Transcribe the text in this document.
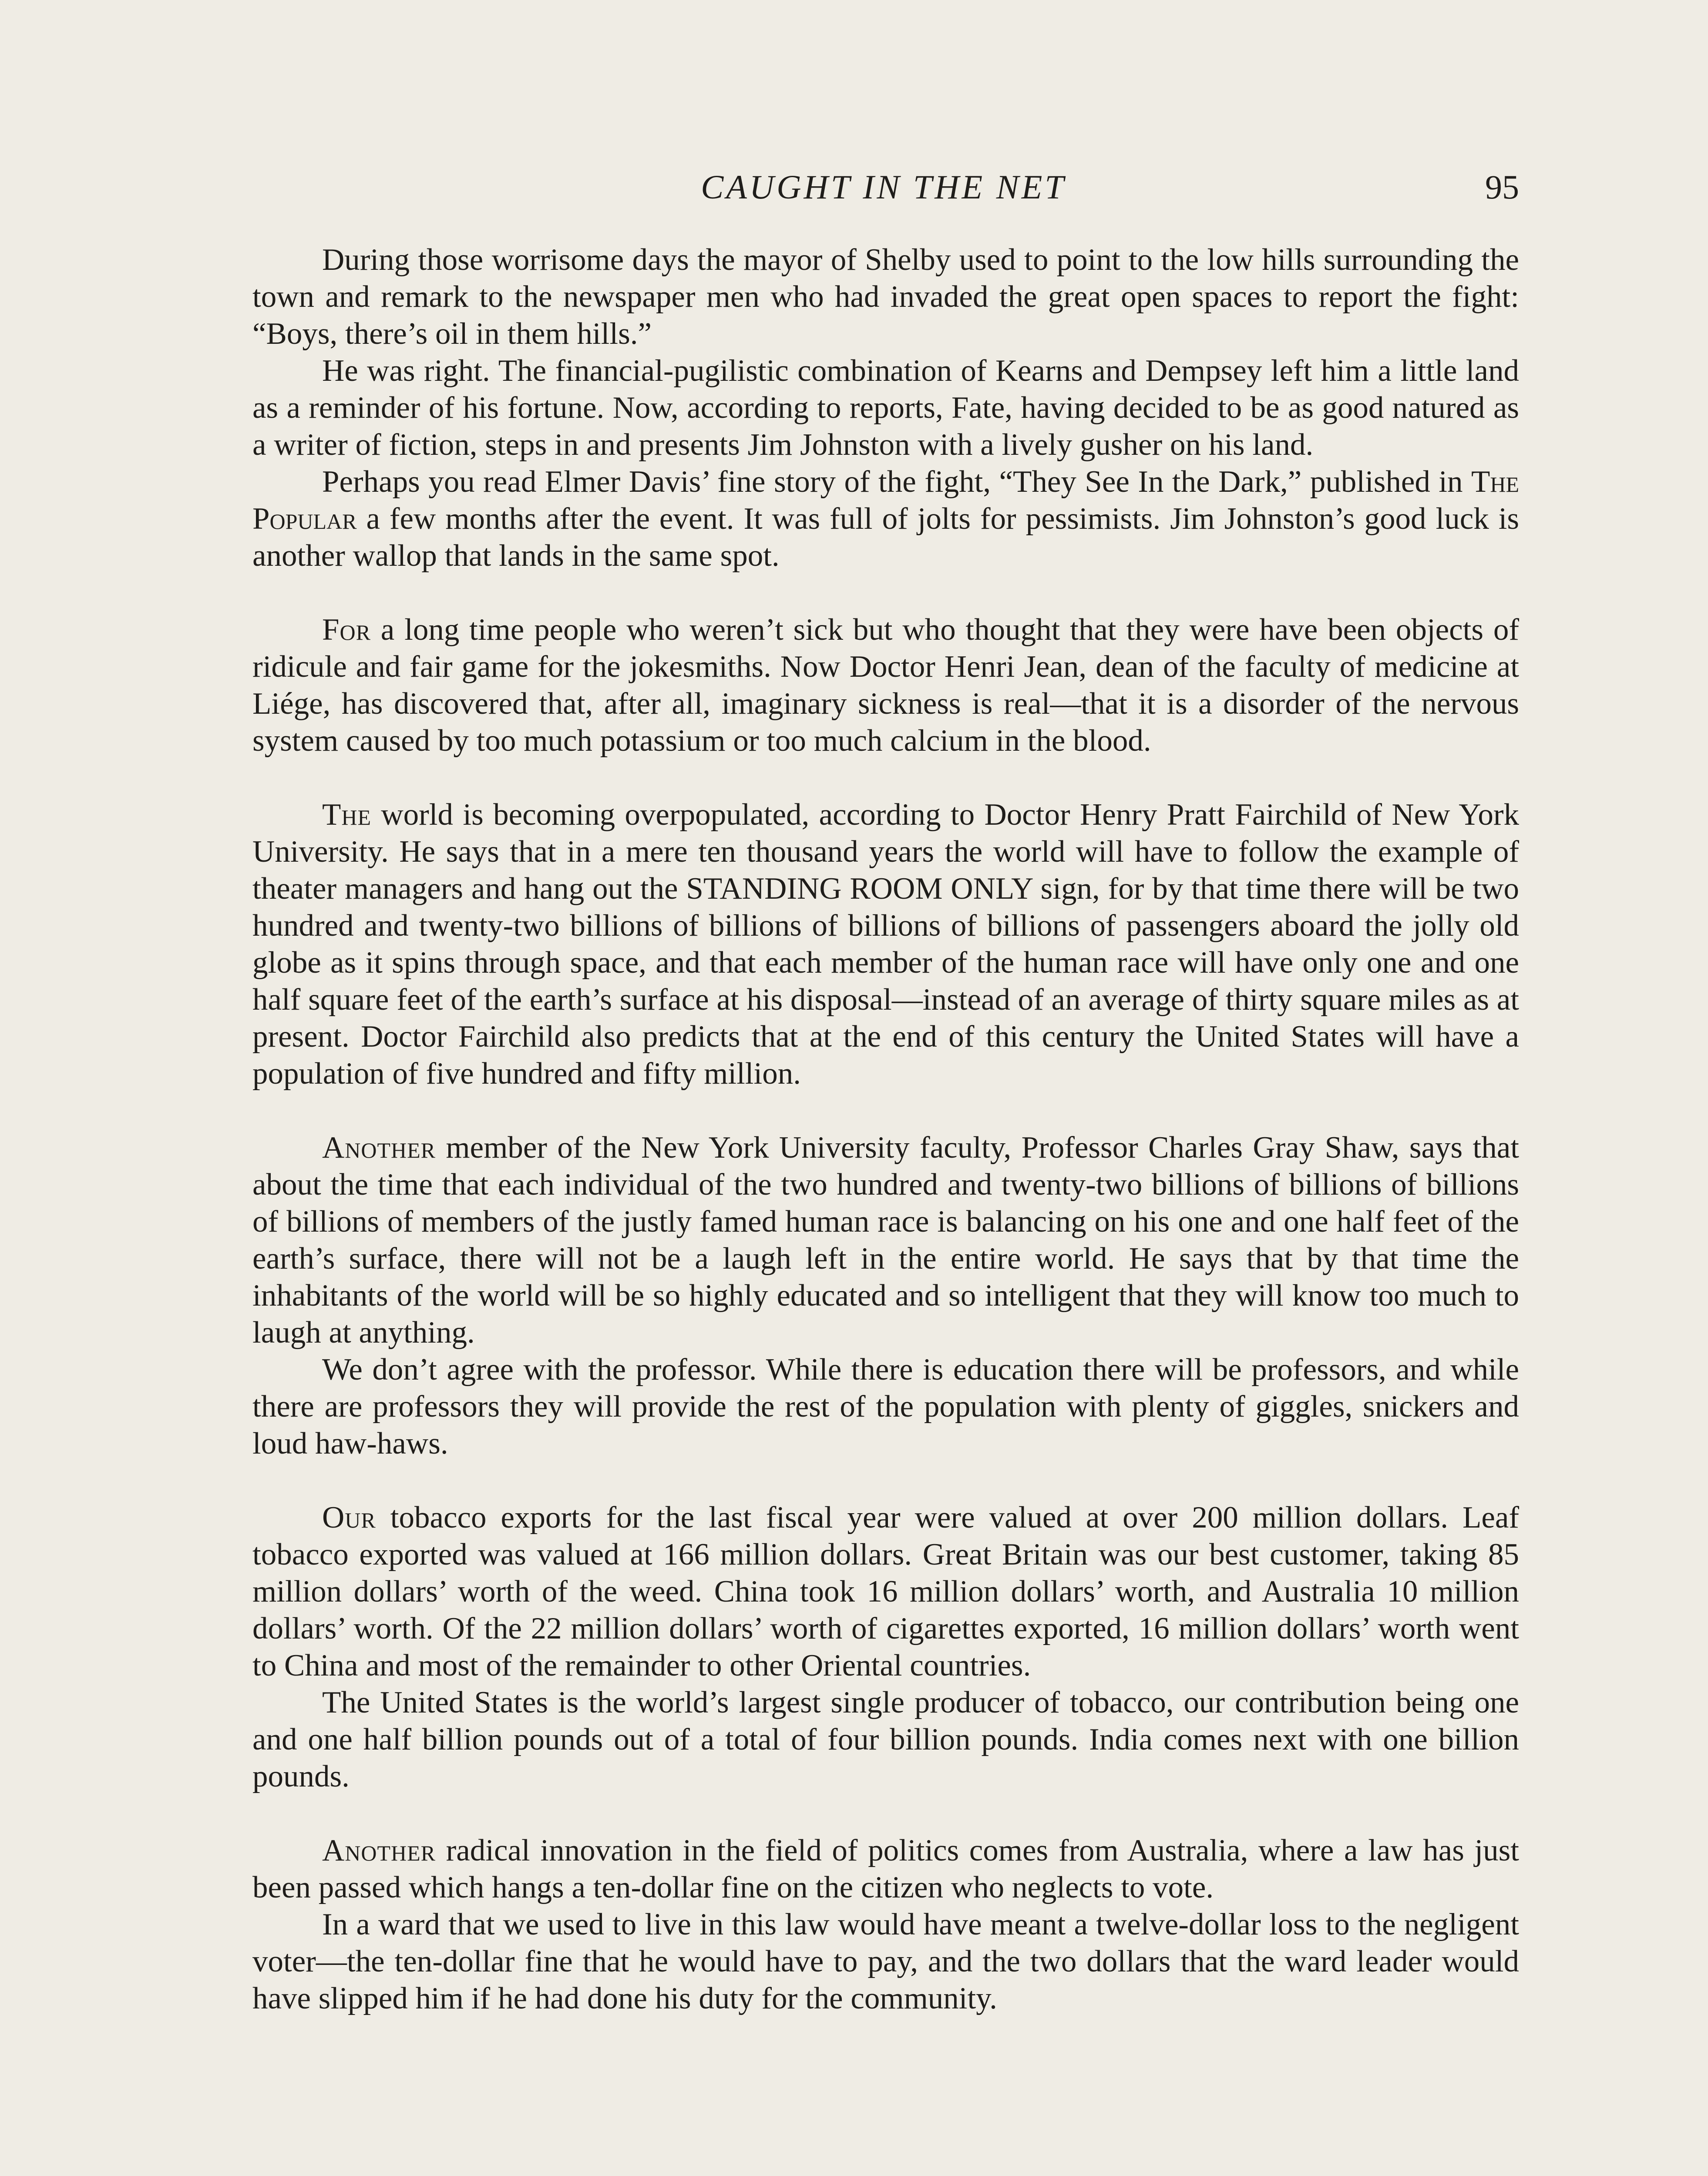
CAUGHT IN THE NET	95

During those worrisome days the mayor of Shelby used to point to the low hills surrounding the town and remark to the newspaper men who had invaded the great open spaces to report the fight: “Boys, there’s oil in them hills.”

He was right. The financial-pugilistic combination of Kearns and Dempsey left him a little land as a reminder of his fortune. Now, according to reports, Fate, having decided to be as good natured as a writer of fiction, steps in and presents Jim Johnston with a lively gusher on his land.

Perhaps you read Elmer Davis’ fine story of the fight, “They See In the Dark,” published in The Popular a few months after the event. It was full of jolts for pessimists. Jim Johnston’s good luck is another wallop that lands in the same spot.

For a long time people who weren’t sick but who thought that they were have been objects of ridicule and fair game for the jokesmiths. Now Doctor Henri Jean, dean of the faculty of medicine at Liége, has discovered that, after all, imaginary sickness is real—that it is a disorder of the nervous system caused by too much potassium or too much calcium in the blood.

The world is becoming overpopulated, according to Doctor Henry Pratt Fairchild of New York University. He says that in a mere ten thousand years the world will have to follow the example of theater managers and hang out the STANDING ROOM ONLY sign, for by that time there will be two hundred and twenty-two billions of billions of billions of billions of passengers aboard the jolly old globe as it spins through space, and that each member of the human race will have only one and one half square feet of the earth’s surface at his disposal—instead of an average of thirty square miles as at present. Doctor Fairchild also predicts that at the end of this century the United States will have a population of five hundred and fifty million.

Another member of the New York University faculty, Professor Charles Gray Shaw, says that about the time that each individual of the two hundred and twenty-two billions of billions of billions of billions of members of the justly famed human race is balancing on his one and one half feet of the earth’s surface, there will not be a laugh left in the entire world. He says that by that time the inhabitants of the world will be so highly educated and so intelligent that they will know too much to laugh at anything.

We don’t agree with the professor. While there is education there will be professors, and while there are professors they will provide the rest of the population with plenty of giggles, snickers and loud haw-haws.

Our tobacco exports for the last fiscal year were valued at over 200 million dollars. Leaf tobacco exported was valued at 166 million dollars. Great Britain was our best customer, taking 85 million dollars’ worth of the weed. China took 16 million dollars’ worth, and Australia 10 million dollars’ worth. Of the 22 million dollars’ worth of cigarettes exported, 16 million dollars’ worth went to China and most of the remainder to other Oriental countries.

The United States is the world’s largest single producer of tobacco, our contribution being one and one half billion pounds out of a total of four billion pounds. India comes next with one billion pounds.

Another radical innovation in the field of politics comes from Australia, where a law has just been passed which hangs a ten-dollar fine on the citizen who neglects to vote.

In a ward that we used to live in this law would have meant a twelve-dollar loss to the negligent voter—the ten-dollar fine that he would have to pay, and the two dollars that the ward leader would have slipped him if he had done his duty for the community.
